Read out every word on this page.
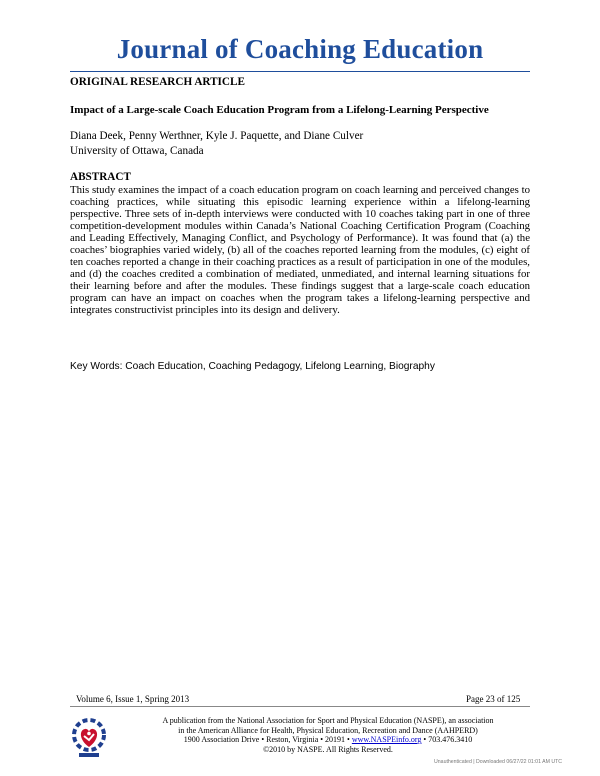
Journal of Coaching Education
ORIGINAL RESEARCH ARTICLE
Impact of a Large-scale Coach Education Program from a Lifelong-Learning Perspective
Diana Deek, Penny Werthner, Kyle J. Paquette, and Diane Culver
University of Ottawa, Canada
ABSTRACT

This study examines the impact of a coach education program on coach learning and perceived changes to coaching practices, while situating this episodic learning experience within a lifelong-learning perspective. Three sets of in-depth interviews were conducted with 10 coaches taking part in one of three competition-development modules within Canada’s National Coaching Certification Program (Coaching and Leading Effectively, Managing Conflict, and Psychology of Performance). It was found that (a) the coaches’ biographies varied widely, (b) all of the coaches reported learning from the modules, (c) eight of ten coaches reported a change in their coaching practices as a result of participation in one of the modules, and (d) the coaches credited a combination of mediated, unmediated, and internal learning situations for their learning before and after the modules. These findings suggest that a large-scale coach education program can have an impact on coaches when the program takes a lifelong-learning perspective and integrates constructivist principles into its design and delivery.

Key Words: Coach Education, Coaching Pedagogy, Lifelong Learning, Biography
Volume 6, Issue 1, Spring 2013	Page 23 of 125
A publication from the National Association for Sport and Physical Education (NASPE), an association
in the American Alliance for Health, Physical Education, Recreation and Dance (AAHPERD)
1900 Association Drive • Reston, Virginia • 20191 • www.NASPEinfo.org • 703.476.3410
©2010 by NASPE. All Rights Reserved.
Unauthenticated | Downloaded 06/27/22 01:01 AM UTC
